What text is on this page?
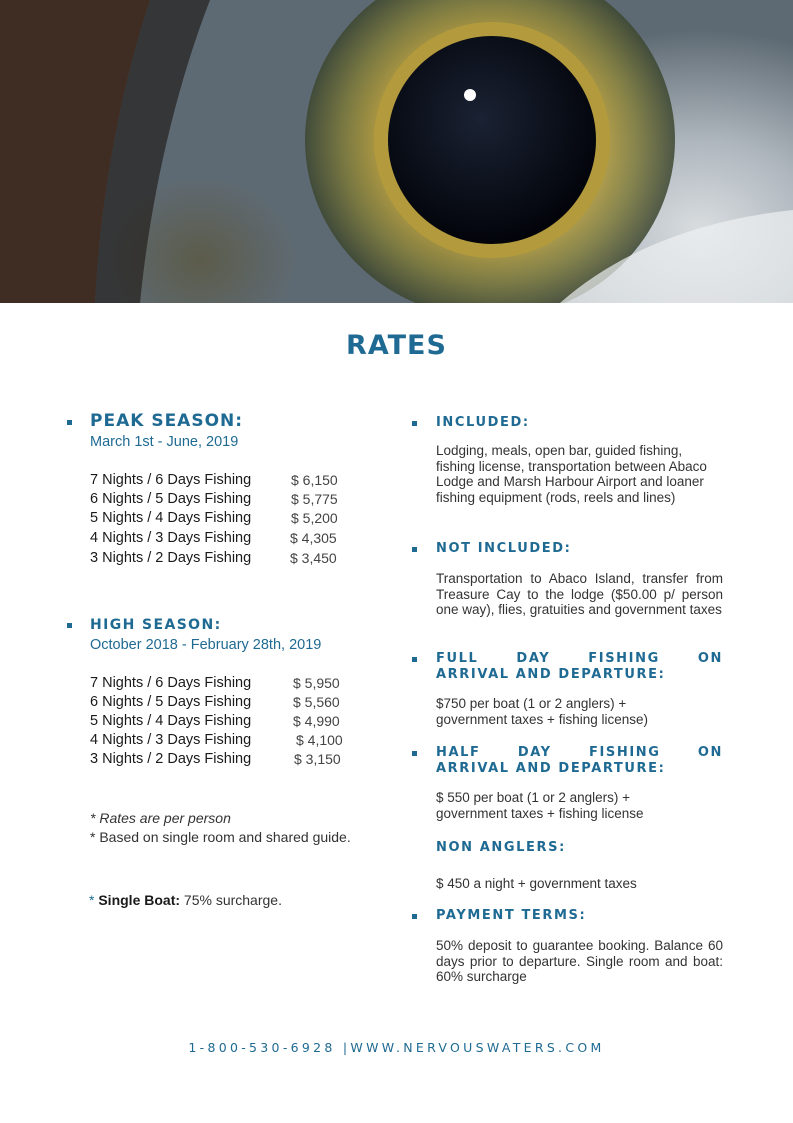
RATES
PEAK SEASON:
March 1st - June, 2019
7 Nights / 6 Days Fishing	$ 6,150
6 Nights / 5 Days Fishing	$ 5,775
5 Nights / 4 Days Fishing	$ 5,200
4 Nights / 3 Days Fishing	$ 4,305
3 Nights / 2 Days Fishing	$ 3,450
HIGH SEASON:
October 2018 - February 28th, 2019
7 Nights / 6 Days Fishing	$ 5,950
6 Nights / 5 Days Fishing	$ 5,560
5 Nights / 4 Days Fishing	$ 4,990
4 Nights / 3 Days Fishing	$ 4,100
3 Nights / 2 Days Fishing	$ 3,150
* Rates are per person
* Based on single room and shared guide.
* Single Boat: 75% surcharge.
INCLUDED:
Lodging, meals, open bar, guided fishing, fishing license, transportation between Abaco Lodge and Marsh Harbour Airport and loaner fishing equipment (rods, reels and lines)
NOT INCLUDED:
Transportation to Abaco Island, transfer from Treasure Cay to the lodge ($50.00 p/ person one way), flies, gratuities and government taxes
FULL DAY FISHING ON
ARRIVAL AND DEPARTURE:
$750 per boat (1 or 2 anglers) +
government taxes + fishing license)
HALF DAY FISHING ON
ARRIVAL AND DEPARTURE:
$ 550 per boat (1 or 2 anglers) +
government taxes + fishing license
NON ANGLERS:
$ 450 a night + government taxes
PAYMENT TERMS:
50% deposit to guarantee booking. Balance 60 days prior to departure. Single room and boat: 60% surcharge
1-800-530-6928 |WWW.NERVOUSWATERS.COM
